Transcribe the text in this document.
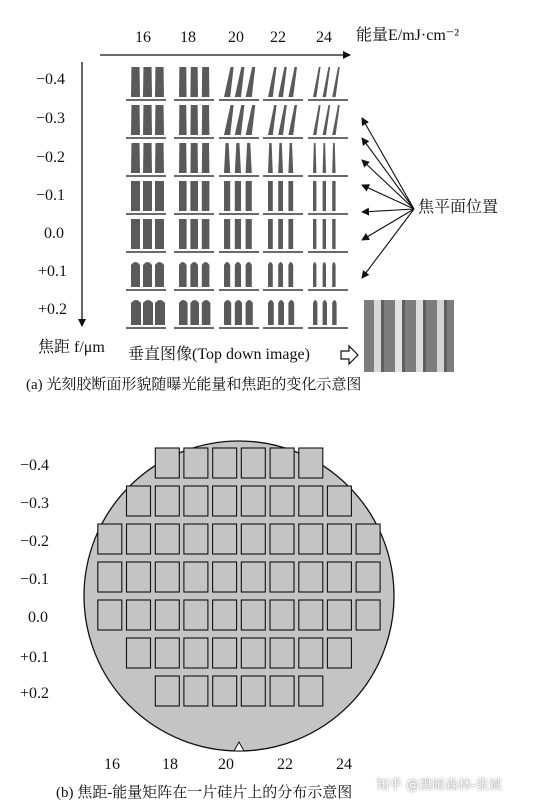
16 18 20 22 24 能量E/mJ·cm⁻²
−0.4
−0.3
−0.2
−0.1
0.0
+0.1
+0.2
焦距 f/μm
焦平面位置
垂直图像(Top down image)
(a) 光刻胶断面形貌随曝光能量和焦距的变化示意图
−0.4
−0.3
−0.2
−0.1
0.0
+0.1
+0.2
16	18	20	22	24
(b) 焦距-能量矩阵在一片硅片上的分布示意图 知乎 @黑暗森林-张斌
